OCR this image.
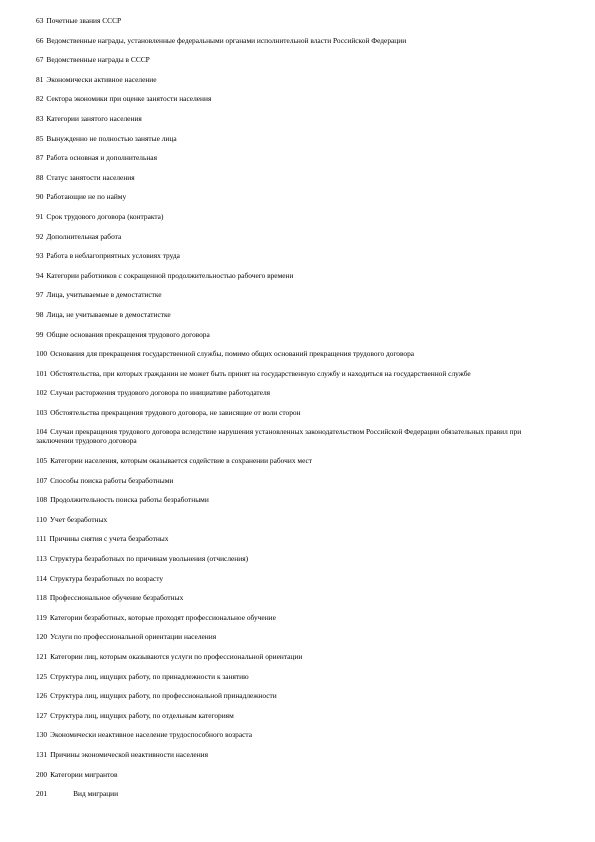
63 Почетные звания СССР
66 Ведомственные награды, установленные федеральными органами исполнительной власти Российской Федерации
67 Ведомственные награды в СССР
81 Экономически активное население
82 Сектора экономики при оценке занятости населения
83 Категории занятого населения
85 Вынужденно не полностью занятые лица
87 Работа основная и дополнительная
88 Статус занятости населения
90 Работающие не по найму
91 Срок трудового договора (контракта)
92 Дополнительная работа
93 Работа в неблагоприятных условиях труда
94 Категории работников с сокращенной продолжительностью рабочего времени
97 Лица, учитываемые в демостатистке
98 Лица, не учитываемые в демостатистке
99 Общие основания прекращения трудового договора
100 Основания для прекращения государственной службы, помимо общих оснований прекращения трудового договора
101 Обстоятельства, при которых гражданин не может быть принят на государственную службу и находиться на государственной службе
102 Случаи расторжения трудового договора по инициативе работодателя
103 Обстоятельства прекращения трудового договора, не зависящие от воли сторон
104 Случаи прекращения трудового договора вследствие нарушения установленных законодательством Российской Федерации обязательных правил при заключении трудового договора
105 Категории населения, которым оказывается содействие в сохранении рабочих мест
107 Способы поиска работы безработными
108 Продолжительность поиска работы безработными
110 Учет безработных
111 Причины снятия с учета безработных
113 Структура безработных по причинам увольнения (отчисления)
114 Структура безработных по возрасту
118 Профессиональное обучение безработных
119 Категории безработных, которые проходят профессиональное обучение
120 Услуги по профессиональной ориентации населения
121 Категории лиц, которым оказываются услуги по профессиональной ориентации
125 Структура лиц, ищущих работу, по принадлежности к занятию
126 Структура лиц, ищущих работу, по профессиональной принадлежности
127 Структура лиц, ищущих работу, по отдельным категориям
130 Экономически неактивное население трудоспособного возраста
131 Причины экономической неактивности населения
200 Категории мигрантов
201	Вид миграции
